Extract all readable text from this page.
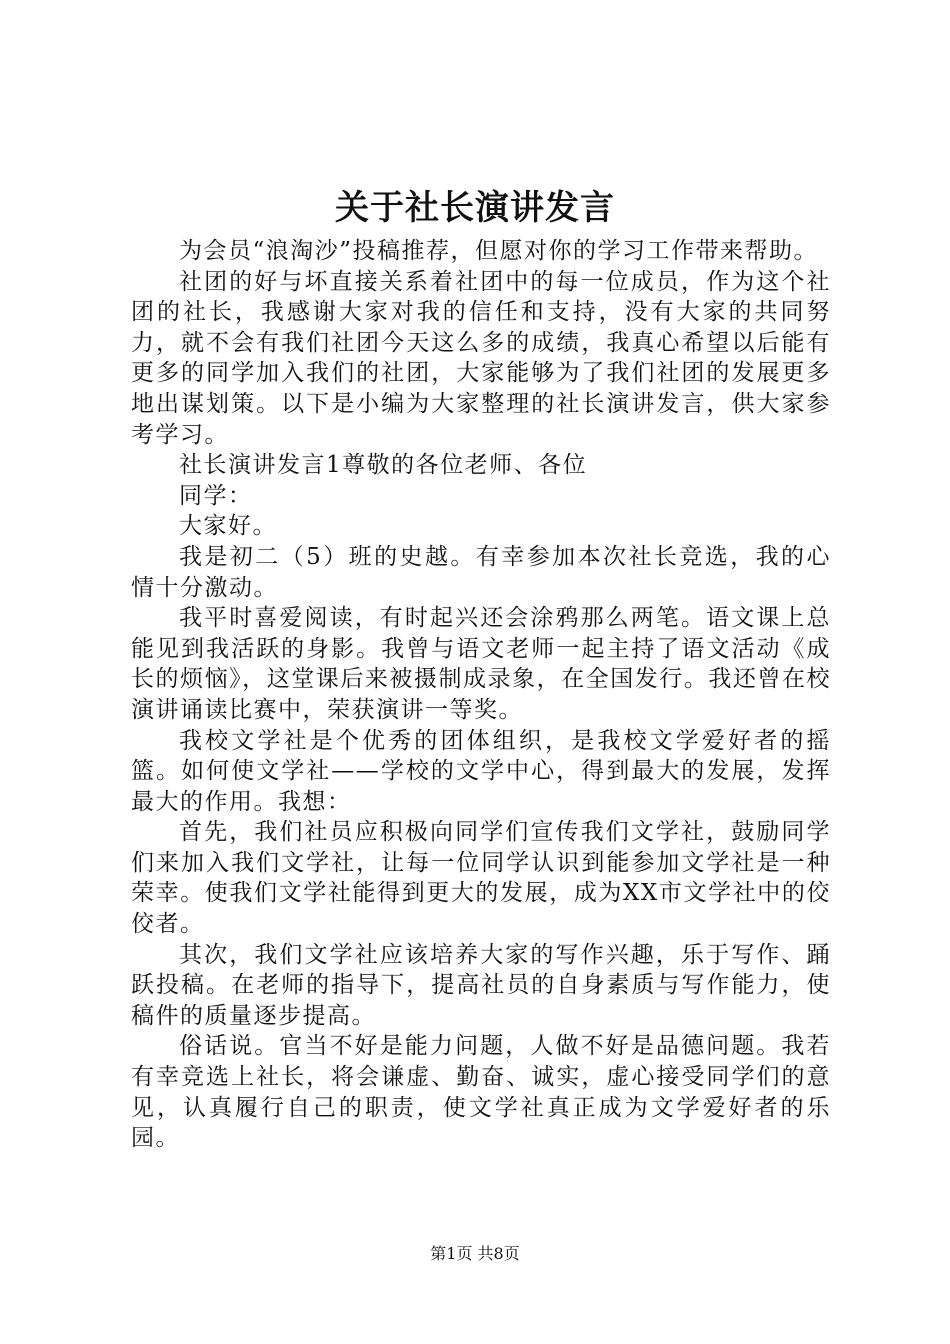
关于社长演讲发言

为会员“浪淘沙”投稿推荐，但愿对你的学习工作带来帮助。

社团的好与坏直接关系着社团中的每一位成员，作为这个社团的社长，我感谢大家对我的信任和支持，没有大家的共同努力，就不会有我们社团今天这么多的成绩，我真心希望以后能有更多的同学加入我们的社团，大家能够为了我们社团的发展更多地出谋划策。以下是小编为大家整理的社长演讲发言，供大家参考学习。

社长演讲发言1尊敬的各位老师、各位

同学：

大家好。

我是初二（5）班的史越。有幸参加本次社长竞选，我的心情十分激动。

我平时喜爱阅读，有时起兴还会涂鸦那么两笔。语文课上总能见到我活跃的身影。我曾与语文老师一起主持了语文活动《成长的烦恼》，这堂课后来被摄制成录象，在全国发行。我还曾在校演讲诵读比赛中，荣获演讲一等奖。

我校文学社是个优秀的团体组织，是我校文学爱好者的摇篮。如何使文学社——学校的文学中心，得到最大的发展，发挥最大的作用。我想：

首先，我们社员应积极向同学们宣传我们文学社，鼓励同学们来加入我们文学社，让每一位同学认识到能参加文学社是一种荣幸。使我们文学社能得到更大的发展，成为XX市文学社中的佼佼者。

其次，我们文学社应该培养大家的写作兴趣，乐于写作、踊跃投稿。在老师的指导下，提高社员的自身素质与写作能力，使稿件的质量逐步提高。

俗话说。官当不好是能力问题，人做不好是品德问题。我若有幸竞选上社长，将会谦虚、勤奋、诚实，虚心接受同学们的意见，认真履行自己的职责，使文学社真正成为文学爱好者的乐园。

第1页 共8页
